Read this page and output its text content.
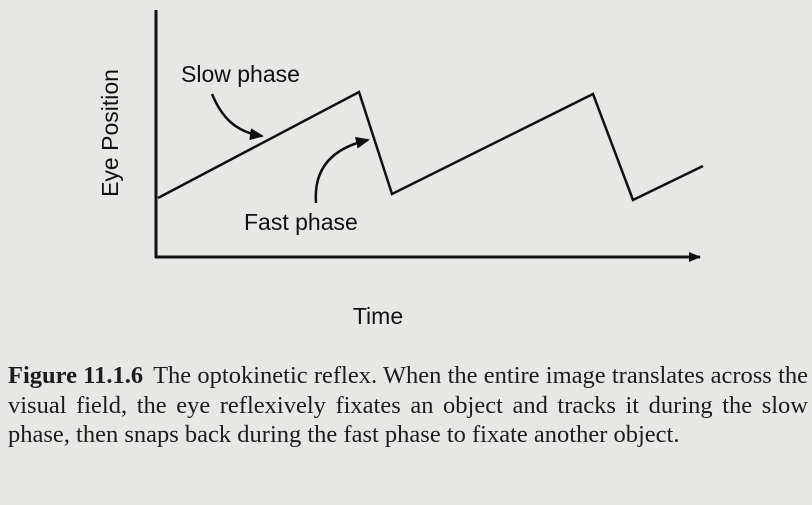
Slow phase
Fast phase
Eye Position
Time
Figure 11.1.6 The optokinetic reflex. When the entire image translates across the visual field, the eye reflexively fixates an object and tracks it during the slow phase, then snaps back during the fast phase to fixate another object.
